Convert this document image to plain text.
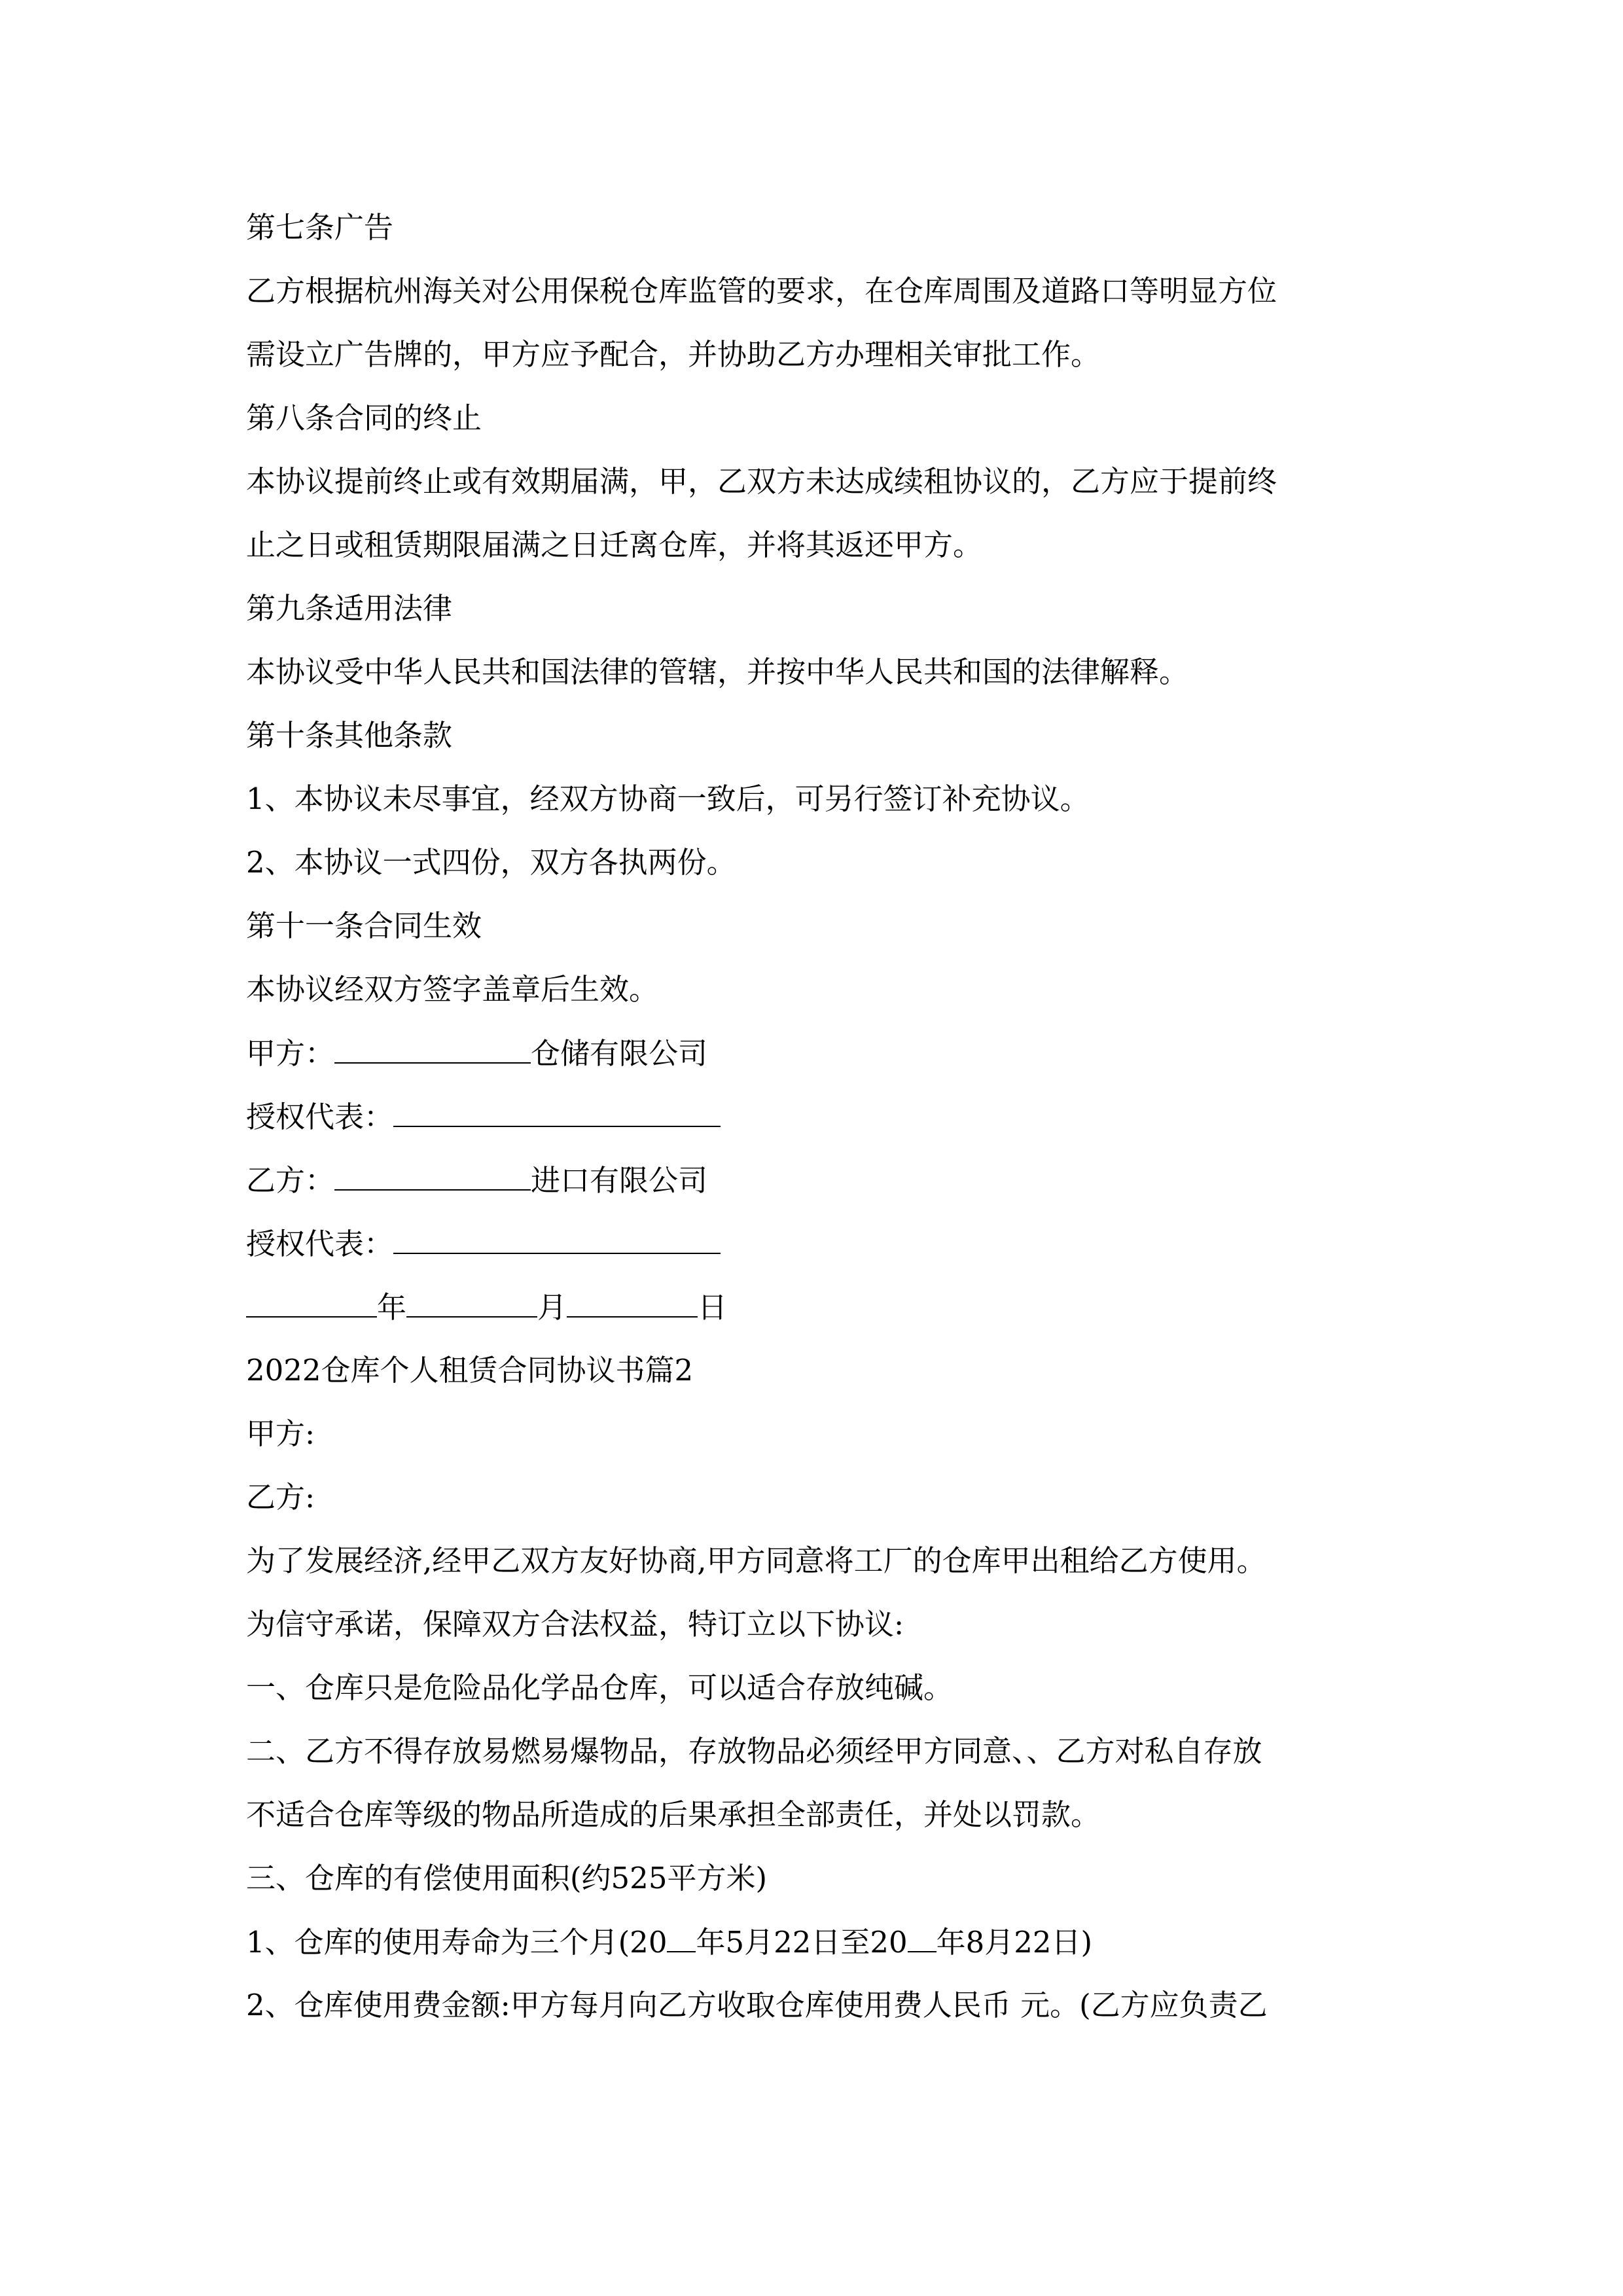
第七条广告
乙方根据杭州海关对公用保税仓库监管的要求，在仓库周围及道路口等明显方位
需设立广告牌的，甲方应予配合，并协助乙方办理相关审批工作。
第八条合同的终止
本协议提前终止或有效期届满，甲，乙双方未达成续租协议的，乙方应于提前终
止之日或租赁期限届满之日迁离仓库，并将其返还甲方。
第九条适用法律
本协议受中华人民共和国法律的管辖，并按中华人民共和国的法律解释。
第十条其他条款
1、本协议未尽事宜，经双方协商一致后，可另行签订补充协议。
2、本协议一式四份，双方各执两份。
第十一条合同生效
本协议经双方签字盖章后生效。
甲方：	仓储有限公司
授权代表：
乙方：	进口有限公司
授权代表：
年	月	日
2022仓库个人租赁合同协议书篇2
甲方:
乙方:
为了发展经济,经甲乙双方友好协商,甲方同意将工厂的仓库甲出租给乙方使用。
为信守承诺，保障双方合法权益，特订立以下协议:
一、仓库只是危险品化学品仓库，可以适合存放纯碱。
二、乙方不得存放易燃易爆物品，存放物品必须经甲方同意、、乙方对私自存放
不适合仓库等级的物品所造成的后果承担全部责任，并处以罚款。
三、仓库的有偿使用面积(约525平方米)
1、仓库的使用寿命为三个月(20 年5月22日至20 年8月22日)
2、仓库使用费金额:甲方每月向乙方收取仓库使用费人民币 元。(乙方应负责乙
